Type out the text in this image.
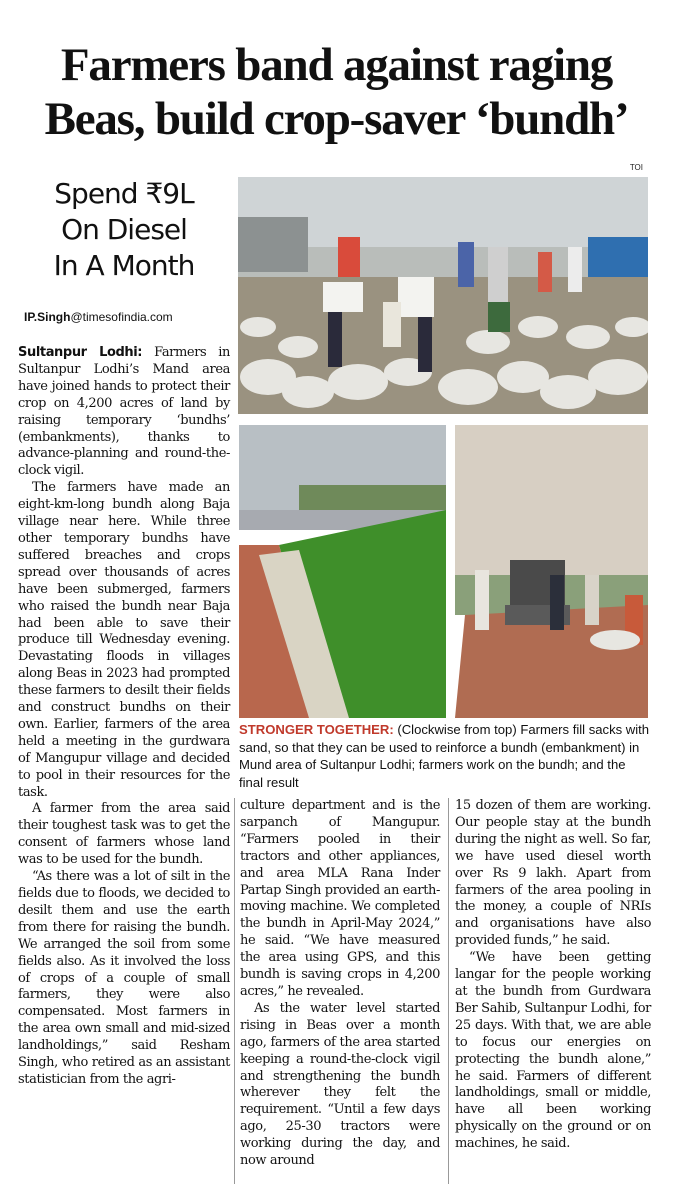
Farmers band against raging
Beas, build crop-saver ‘bundh’
TOI
Spend ₹9L
On Diesel
In A Month
IP.Singh@timesofindia.com
STRONGER TOGETHER: (Clockwise from top) Farmers fill sacks with sand, so that they can be used to reinforce a bundh (embankment) in Mund area of Sultanpur Lodhi; farmers work on the bundh; and the final result

Sultanpur Lodhi: Farmers in Sultanpur Lodhi’s Mand area have joined hands to protect their crop on 4,200 acres of land by raising temporary ‘bundhs’ (embankments), thanks to advance-planning and round-the-clock vigil.

The farmers have made an eight-km-long bundh along Baja village near here. While three other temporary bundhs have suffered breaches and crops spread over thousands of acres have been submerged, farmers who raised the bundh near Baja had been able to save their produce till Wednesday evening. Devastating floods in villages along Beas in 2023 had prompted these farmers to desilt their fields and construct bundhs on their own. Earlier, farmers of the area held a meeting in the gurdwara of Mangupur village and decided to pool in their resources for the task.

A farmer from the area said their toughest task was to get the consent of farmers whose land was to be used for the bundh.

“As there was a lot of silt in the fields due to floods, we decided to desilt them and use the earth from there for raising the bundh. We arranged the soil from some fields also. As it involved the loss of crops of a couple of small farmers, they were also compensated. Most farmers in the area own small and mid-sized landholdings,” said Resham Singh, who retired as an assistant statistician from the agri-

culture department and is the sarpanch of Mangupur. “Farmers pooled in their tractors and other appliances, and area MLA Rana Inder Partap Singh provided an earth-moving machine. We completed the bundh in April-May 2024,” he said. “We have measured the area using GPS, and this bundh is saving crops in 4,200 acres,” he revealed.

As the water level started rising in Beas over a month ago, farmers of the area started keeping a round-the-clock vigil and strengthening the bundh wherever they felt the requirement. “Until a few days ago, 25-30 tractors were working during the day, and now around

15 dozen of them are working. Our people stay at the bundh during the night as well. So far, we have used diesel worth over Rs 9 lakh. Apart from farmers of the area pooling in the money, a couple of NRIs and organisations have also provided funds,” he said.

“We have been getting langar for the people working at the bundh from Gurdwara Ber Sahib, Sultanpur Lodhi, for 25 days. With that, we are able to focus our energies on protecting the bundh alone,” he said. Farmers of different landholdings, small or middle, have all been working physically on the ground or on machines, he said.
